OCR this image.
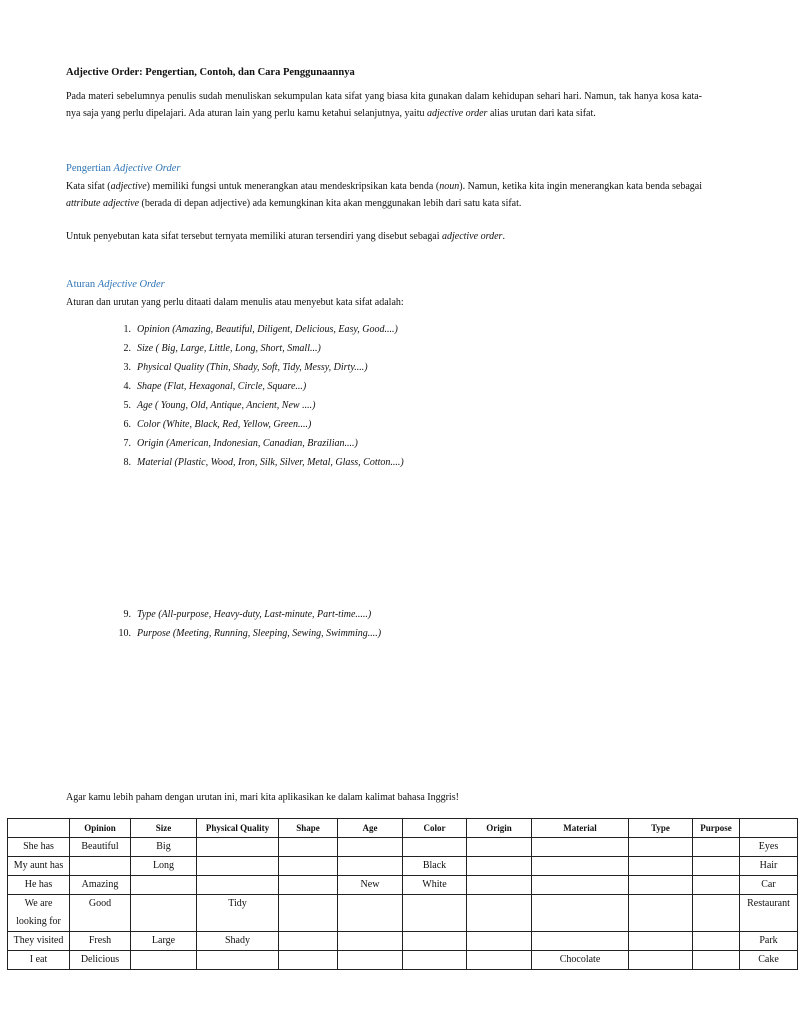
Adjective Order: Pengertian, Contoh, dan Cara Penggunaannya

Pada materi sebelumnya penulis sudah menuliskan sekumpulan kata sifat yang biasa kita gunakan dalam kehidupan sehari hari. Namun, tak hanya kosa kata-nya saja yang perlu dipelajari. Ada aturan lain yang perlu kamu ketahui selanjutnya, yaitu adjective order alias urutan dari kata sifat.

Pengertian Adjective Order

Kata sifat (adjective) memiliki fungsi untuk menerangkan atau mendeskripsikan kata benda (noun). Namun, ketika kita ingin menerangkan kata benda sebagai attribute adjective (berada di depan adjective) ada kemungkinan kita akan menggunakan lebih dari satu kata sifat.

Untuk penyebutan kata sifat tersebut ternyata memiliki aturan tersendiri yang disebut sebagai adjective order.

Aturan Adjective Order
Aturan dan urutan yang perlu ditaati dalam menulis atau menyebut kata sifat adalah:
1. Opinion (Amazing, Beautiful, Diligent, Delicious, Easy, Good....)
2. Size ( Big, Large, Little, Long, Short, Small...)
3. Physical Quality (Thin, Shady, Soft, Tidy, Messy, Dirty....)
4. Shape (Flat, Hexagonal, Circle, Square...)
5. Age ( Young, Old, Antique, Ancient, New ....)
6. Color (White, Black, Red, Yellow, Green....)
7. Origin (American, Indonesian, Canadian, Brazilian....)
8. Material (Plastic, Wood, Iron, Silk, Silver, Metal, Glass, Cotton....)
9. Type (All-purpose, Heavy-duty, Last-minute, Part-time.....)
10. Purpose (Meeting, Running, Sleeping, Sewing, Swimming....)
Agar kamu lebih paham dengan urutan ini, mari kita aplikasikan ke dalam kalimat bahasa Inggris!
	Opinion	Size	Physical Quality	Shape	Age	Color	Origin	Material	Type	Purpose	
She has	Beautiful	Big									Eyes
My aunt has		Long				Black					Hair
He has	Amazing				New	White					Car
We are looking for	Good		Tidy								Restaurant
They visited	Fresh	Large	Shady								Park
I eat	Delicious							Chocolate			Cake
